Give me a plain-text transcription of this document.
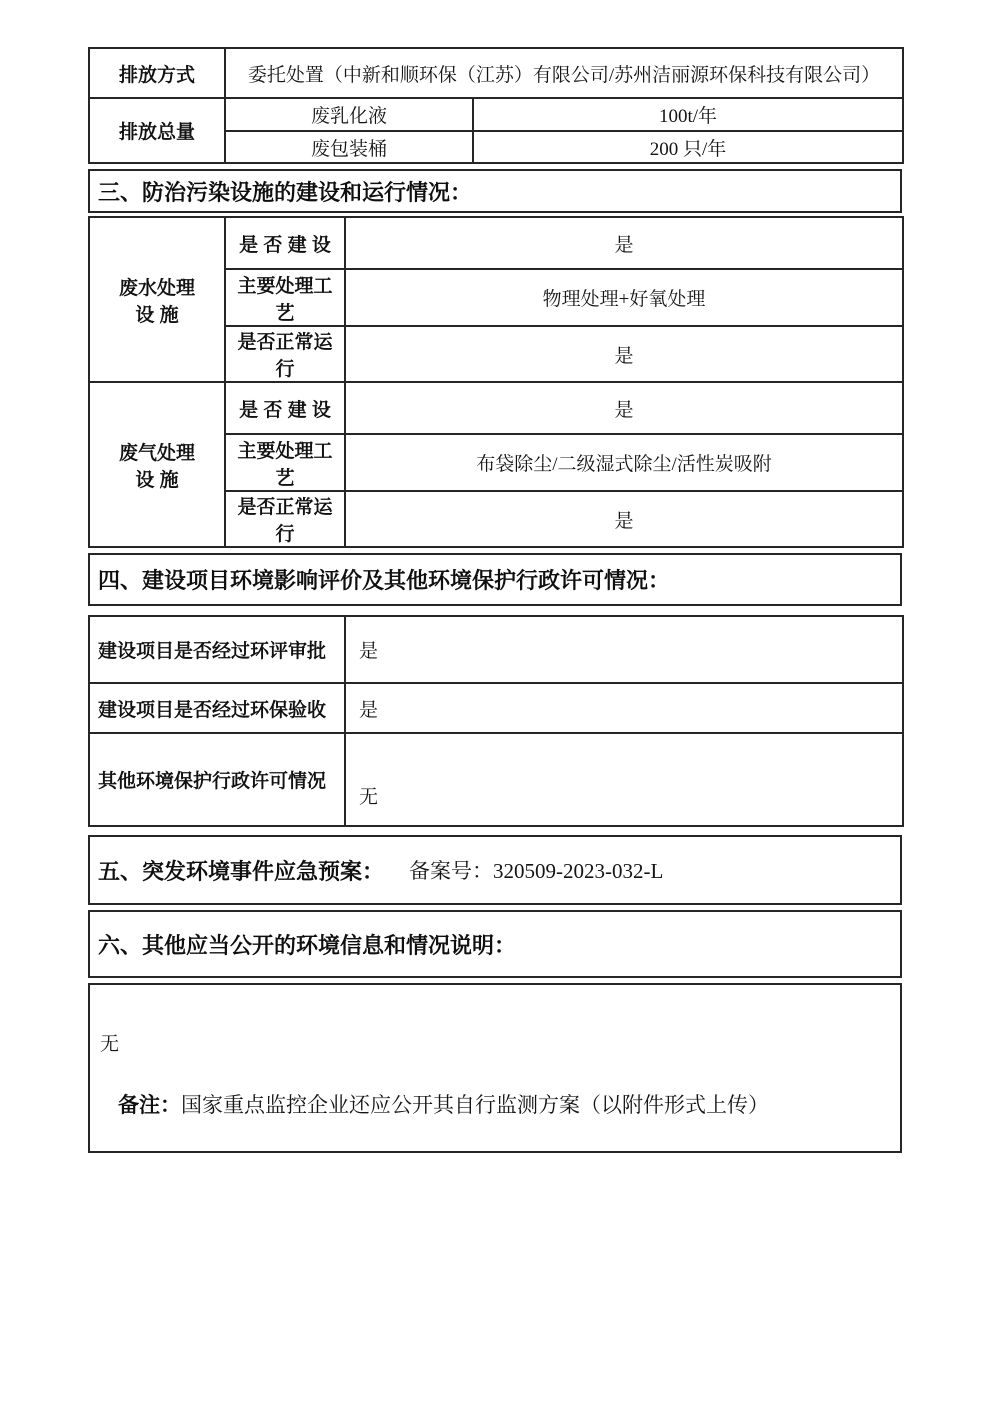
排放方式	委托处置（中新和顺环保（江苏）有限公司/苏州洁丽源环保科技有限公司）	
排放总量	废乳化液	100t/年
	废包装桶	200 只/年
三、防治污染设施的建设和运行情况：
废水处理
设 施	是 否 建 设	是
	主要处理工
艺	物理处理+好氧处理
	是否正常运
行	是
废气处理
设 施	是 否 建 设	是
	主要处理工
艺	布袋除尘/二级湿式除尘/活性炭吸附
	是否正常运
行	是
四、建设项目环境影响评价及其他环境保护行政许可情况：
建设项目是否经过环评审批	是
建设项目是否经过环保验收	是
其他环境保护行政许可情况	无
五、突发环境事件应急预案： 备案号：320509-2023-032-L
六、其他应当公开的环境信息和情况说明：
无
备注：国家重点监控企业还应公开其自行监测方案（以附件形式上传）
